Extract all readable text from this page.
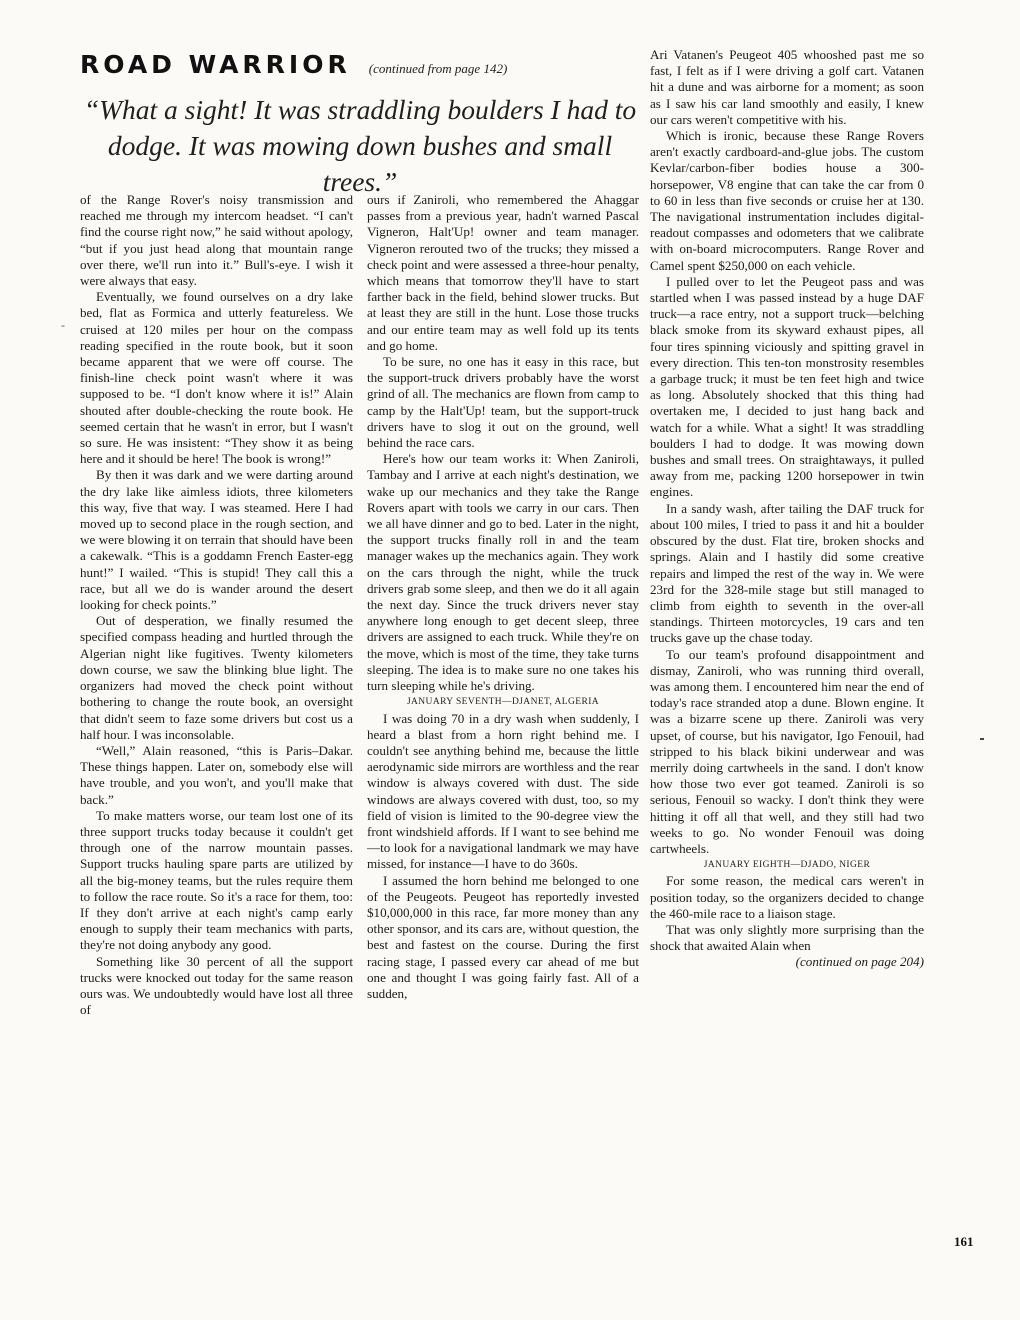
ROAD WARRIOR (continued from page 142)
“What a sight! It was straddling boulders I had to dodge. It was mowing down bushes and small trees.”
-

of the Range Rover's noisy transmission and reached me through my intercom headset. “I can't find the course right now,” he said without apology, “but if you just head along that mountain range over there, we'll run into it.” Bull's-eye. I wish it were always that easy.

Eventually, we found ourselves on a dry lake bed, flat as Formica and utterly featureless. We cruised at 120 miles per hour on the compass reading specified in the route book, but it soon became apparent that we were off course. The finish-line check point wasn't where it was supposed to be. “I don't know where it is!” Alain shouted after double-checking the route book. He seemed certain that he wasn't in error, but I wasn't so sure. He was insistent: “They show it as being here and it should be here! The book is wrong!”

By then it was dark and we were darting around the dry lake like aimless idiots, three kilometers this way, five that way. I was steamed. Here I had moved up to second place in the rough section, and we were blowing it on terrain that should have been a cakewalk. “This is a goddamn French Easter-egg hunt!” I wailed. “This is stupid! They call this a race, but all we do is wander around the desert looking for check points.”

Out of desperation, we finally resumed the specified compass heading and hurtled through the Algerian night like fugitives. Twenty kilometers down course, we saw the blinking blue light. The organizers had moved the check point without bothering to change the route book, an oversight that didn't seem to faze some drivers but cost us a half hour. I was inconsolable.

“Well,” Alain reasoned, “this is Paris–Dakar. These things happen. Later on, somebody else will have trouble, and you won't, and you'll make that back.”

To make matters worse, our team lost one of its three support trucks today because it couldn't get through one of the narrow mountain passes. Support trucks hauling spare parts are utilized by all the big-money teams, but the rules require them to follow the race route. So it's a race for them, too: If they don't arrive at each night's camp early enough to supply their team mechanics with parts, they're not doing anybody any good.

Something like 30 percent of all the support trucks were knocked out today for the same reason ours was. We undoubtedly would have lost all three of

ours if Zaniroli, who remembered the Ahaggar passes from a previous year, hadn't warned Pascal Vigneron, Halt'Up! owner and team manager. Vigneron rerouted two of the trucks; they missed a check point and were assessed a three-hour penalty, which means that tomorrow they'll have to start farther back in the field, behind slower trucks. But at least they are still in the hunt. Lose those trucks and our entire team may as well fold up its tents and go home.

To be sure, no one has it easy in this race, but the support-truck drivers probably have the worst grind of all. The mechanics are flown from camp to camp by the Halt'Up! team, but the support-truck drivers have to slog it out on the ground, well behind the race cars.

Here's how our team works it: When Zaniroli, Tambay and I arrive at each night's destination, we wake up our mechanics and they take the Range Rovers apart with tools we carry in our cars. Then we all have dinner and go to bed. Later in the night, the support trucks finally roll in and the team manager wakes up the mechanics again. They work on the cars through the night, while the truck drivers grab some sleep, and then we do it all again the next day. Since the truck drivers never stay anywhere long enough to get decent sleep, three drivers are assigned to each truck. While they're on the move, which is most of the time, they take turns sleeping. The idea is to make sure no one takes his turn sleeping while he's driving.

JANUARY SEVENTH—DJANET, ALGERIA

I was doing 70 in a dry wash when suddenly, I heard a blast from a horn right behind me. I couldn't see anything behind me, because the little aerodynamic side mirrors are worthless and the rear window is always covered with dust. The side windows are always covered with dust, too, so my field of vision is limited to the 90-degree view the front windshield affords. If I want to see behind me—to look for a navigational landmark we may have missed, for instance—I have to do 360s.

I assumed the horn behind me belonged to one of the Peugeots. Peugeot has reportedly invested $10,000,000 in this race, far more money than any other sponsor, and its cars are, without question, the best and fastest on the course. During the first racing stage, I passed every car ahead of me but one and thought I was going fairly fast. All of a sudden,

Ari Vatanen's Peugeot 405 whooshed past me so fast, I felt as if I were driving a golf cart. Vatanen hit a dune and was airborne for a moment; as soon as I saw his car land smoothly and easily, I knew our cars weren't competitive with his.

Which is ironic, because these Range Rovers aren't exactly cardboard-and-glue jobs. The custom Kevlar/carbon-fiber bodies house a 300-horsepower, V8 engine that can take the car from 0 to 60 in less than five seconds or cruise her at 130. The navigational instrumentation includes digital-readout compasses and odometers that we calibrate with on-board microcomputers. Range Rover and Camel spent $250,000 on each vehicle.

I pulled over to let the Peugeot pass and was startled when I was passed instead by a huge DAF truck—a race entry, not a support truck—belching black smoke from its skyward exhaust pipes, all four tires spinning viciously and spitting gravel in every direction. This ten-ton monstrosity resembles a garbage truck; it must be ten feet high and twice as long. Absolutely shocked that this thing had overtaken me, I decided to just hang back and watch for a while. What a sight! It was straddling boulders I had to dodge. It was mowing down bushes and small trees. On straightaways, it pulled away from me, packing 1200 horsepower in twin engines.

In a sandy wash, after tailing the DAF truck for about 100 miles, I tried to pass it and hit a boulder obscured by the dust. Flat tire, broken shocks and springs. Alain and I hastily did some creative repairs and limped the rest of the way in. We were 23rd for the 328-mile stage but still managed to climb from eighth to seventh in the over-all standings. Thirteen motorcycles, 19 cars and ten trucks gave up the chase today.

To our team's profound disappointment and dismay, Zaniroli, who was running third overall, was among them. I encountered him near the end of today's race stranded atop a dune. Blown engine. It was a bizarre scene up there. Zaniroli was very upset, of course, but his navigator, Igo Fenouil, had stripped to his black bikini underwear and was merrily doing cartwheels in the sand. I don't know how those two ever got teamed. Zaniroli is so serious, Fenouil so wacky. I don't think they were hitting it off all that well, and they still had two weeks to go. No wonder Fenouil was doing cartwheels.

JANUARY EIGHTH—DJADO, NIGER

For some reason, the medical cars weren't in position today, so the organizers decided to change the 460-mile race to a liaison stage.

That was only slightly more surprising than the shock that awaited Alain when

(continued on page 204)

161
